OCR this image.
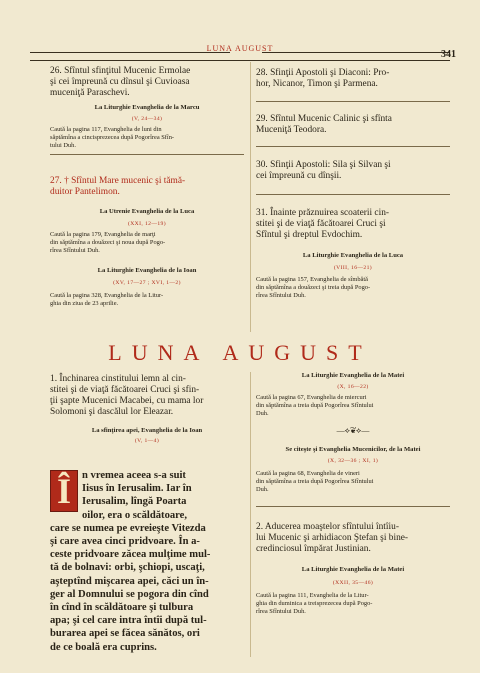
LUNA AUGUST
341
26. Sfîntul sfinţitul Mucenic Ermolae
şi cei împreună cu dînsul şi Cuvioasa
muceniţă Paraschevi.
La Liturghie Evanghelia de la Marcu
(V, 24—34)
Caută la pagina 117, Evanghelia de luni din
săptămîna a cincisprezecea după Pogorîrea Sfîn-
tului Duh.
27. † Sfîntul Mare mucenic şi tămă-
duitor Pantelimon.
La Utrenie Evanghelia de la Luca
(XXI, 12—19)
Caută la pagina 179, Evanghelia de marţi
din săptămîna a douăzeci şi noua după Pogo-
rîrea Sfîntului Duh.
La Liturghie Evanghelia de la Ioan
(XV, 17—27 ; XVI, 1—2)
Caută la pagina 328, Evanghelia de la Litur-
ghia din ziua de 23 aprilie.
28. Sfinţii Apostoli şi Diaconi: Pro-
hor, Nicanor, Timon şi Parmena.
29. Sfîntul Mucenic Calinic şi sfînta
Muceniţă Teodora.
30. Sfinţii Apostoli: Sila şi Silvan şi
cei împreună cu dînşii.
31. Înainte prăznuirea scoaterii cin-
stitei şi de viaţă făcătoarei Cruci şi
Sfîntul şi dreptul Evdochim.
La Liturghie Evanghelia de la Luca
(VIII, 16—21)
Caută la pagina 157, Evanghelia de sîmbătă
din săptămîna a douăzeci şi treia după Pogo-
rîrea Sfîntului Duh.
LUNA AUGUST
1. Închinarea cinstitului lemn al cin-
stitei şi de viaţă făcătoarei Cruci şi sfin-
ţii şapte Mucenici Macabei, cu mama lor
Solomoni şi dascălul lor Eleazar.
La sfinţirea apei, Evanghelia de la Ioan
(V, 1—4)
Î	n vremea aceea s-a suit
Iisus în Ierusalim. Iar în
Ierusalim, lîngă Poarta
oilor, era o scăldătoare,
care se numea pe evreieşte Vitezda
şi care avea cinci pridvoare. În a-
ceste pridvoare zăcea mulţime mul-
tă de bolnavi: orbi, şchiopi, uscaţi,
aşteptînd mişcarea apei, căci un în-
ger al Domnului se pogora din cînd
în cînd în scăldătoare şi tulbura
apa; şi cel care intra întîi după tul-
burarea apei se făcea sănătos, ori
de ce boală era cuprins.
La Liturghie Evanghelia de la Matei
(X, 16—22)
Caută la pagina 67, Evanghelia de miercuri
din săptămîna a treia după Pogorîrea Sfîntului
Duh.
—⟡❦⟡—
Se citeşte şi Evanghelia Mucenicilor, de la Matei
(X, 32—36 ; XI, 1)
Caută la pagina 68, Evanghelia de vineri
din săptămîna a treia după Pogorîrea Sfîntului
Duh.
2. Aducerea moaştelor sfîntului întîiu-
lui Mucenic şi arhidiacon Ştefan şi bine-
credinciosul împărat Justinian.
La Liturghie Evanghelia de la Matei
(XXII, 35—46)
Caută la pagina 111, Evanghelia de la Litur-
ghia din duminica a treisprezecea după Pogo-
rîrea Sfîntului Duh.
